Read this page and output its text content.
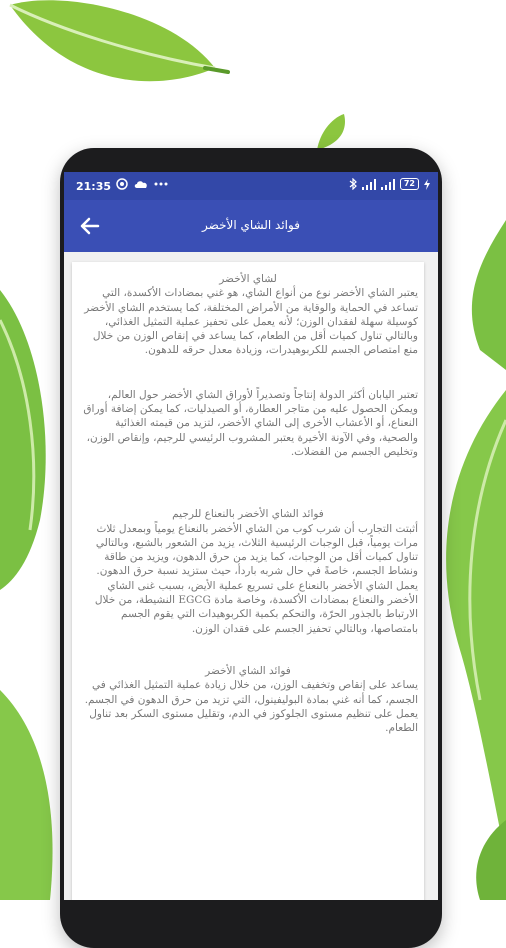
21:35	72
فوائد الشاي الأخضر

لشاي الأخضر

يعتبر الشاي الأخضر نوع من أنواع الشاي، هو غني بمضادات الأكسدة، التي تساعد في الحماية والوقاية من الأمراض المختلفة، كما يستخدم الشاي الأخضر كوسيلة سهلة لفقدان الوزن؛ لأنه يعمل على تحفيز عملية التمثيل الغذائي، وبالتالي تناول كميات أقل من الطعام، كما يساعد في إنقاص الوزن من خلال منع امتصاص الجسم للكربوهيدرات، وزيادة معدل حرقه للدهون.

تعتبر اليابان أكثر الدولة إنتاجاً وتصديراً لأوراق الشاي الأخضر حول العالم، ويمكن الحصول عليه من متاجر العطارة، أو الصيدليات، كما يمكن إضافة أوراق النعناع، أو الأعشاب الأخرى إلى الشاي الأخضر، لتزيد من قيمته الغذائية والصحية، وفي الآونة الأخيرة يعتبر المشروب الرئيسي للرجيم، وإنقاص الوزن، وتخليص الجسم من الفضلات.

فوائد الشاي الأخضر بالنعناع للرجيم

أثبتت التجارب أن شرب كوب من الشاي الأخضر بالنعناع يومياً وبمعدل ثلاث مرات يومياً، قبل الوجبات الرئيسية الثلاث، يزيد من الشعور بالشبع، وبالتالي تناول كميات أقل من الوجبات، كما يزيد من حرق الدهون، ويزيد من طاقة ونشاط الجسم، خاصةً في حال شربه باردأ، حيث ستزيد نسبة حرق الدهون.

يعمل الشاي الأخضر بالنعناع على تسريع عملية الأيض، بسبب غنى الشاي الأخضر والنعناع بمضادات الأكسدة، وخاصة مادة EGCG النشيطة، من خلال الارتباط بالجذور الحرّة، والتحكم بكمية الكربوهيدات التي يقوم الجسم بامتصاصها، وبالتالي تحفيز الجسم على فقدان الوزن.

فوائد الشاي الأخضر

يساعد على إنقاص وتخفيف الوزن، من خلال زيادة عملية التمثيل الغذائي في الجسم، كما أنه غني بمادة البوليفينول، التي تزيد من حرق الدهون في الجسم.

يعمل على تنظيم مستوى الجلوكوز في الدم، وتقليل مستوى السكر بعد تناول الطعام.
